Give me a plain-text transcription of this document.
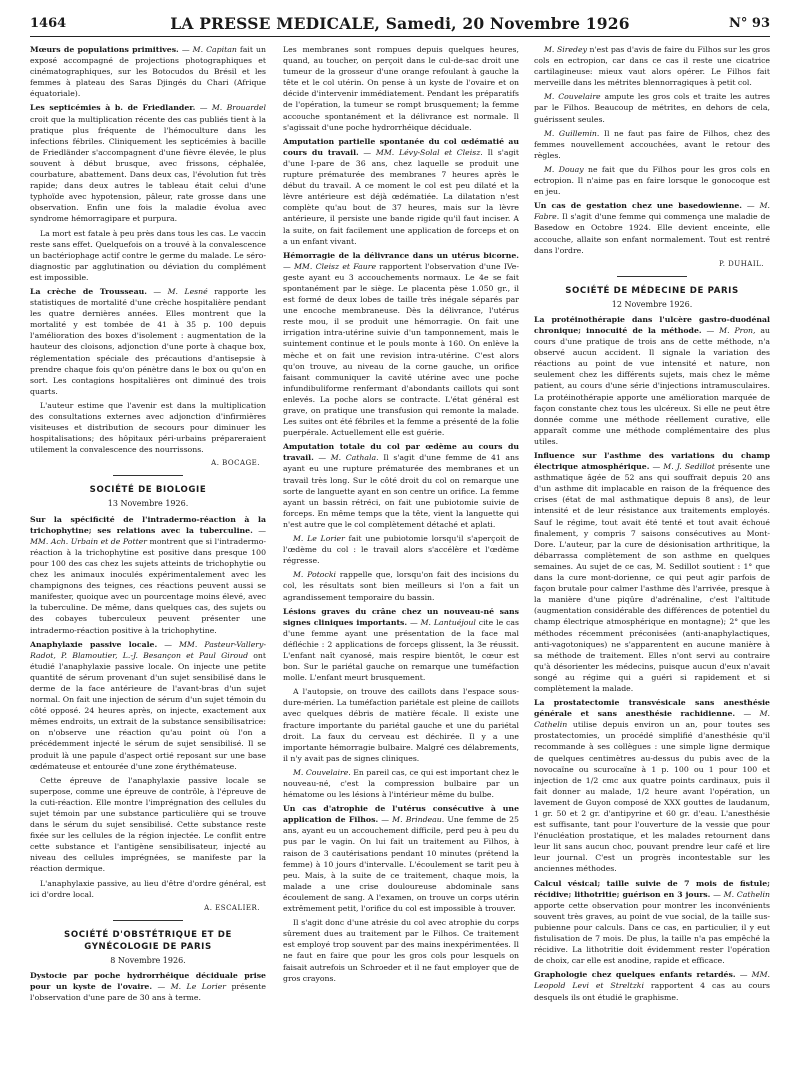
1464	LA PRESSE MEDICALE, Samedi, 20 Novembre 1926	N° 93

Mœurs de populations primitives. — M. Capitan fait un exposé accompagné de projections photographiques et cinématographiques, sur les Botocudos du Brésil et les femmes à plateau des Saras Djingés du Chari (Afrique équatoriale).

Les septicémies à b. de Friedlander. — M. Brouardel croit que la multiplication récente des cas publiés tient à la pratique plus fréquente de l'hémoculture dans les infections fébriles. Cliniquement les septicémies à bacille de Friedländer s'accompagnent d'une fièvre élevée, le plus souvent à début brusque, avec frissons, céphalée, courbature, abattement. Dans deux cas, l'évolution fut très rapide; dans deux autres le tableau était celui d'une typhoïde avec hypotension, pâleur, rate grosse dans une observation. Enfin une fois la maladie évolua avec syndrome hémorragipare et purpura.

La mort est fatale à peu près dans tous les cas. Le vaccin reste sans effet. Quelquefois on a trouvé à la convalescence un bactériophage actif contre le germe du malade. Le séro-diagnostic par agglutination ou déviation du complément est impossible.

La crèche de Trousseau. — M. Lesné rapporte les statistiques de mortalité d'une crèche hospitalière pendant les quatre dernières années. Elles montrent que la mortalité y est tombée de 41 à 35 p. 100 depuis l'amélioration des boxes d'isolement : augmentation de la hauteur des cloisons, adjonction d'une porte à chaque box, réglementation spéciale des précautions d'antisepsie à prendre chaque fois qu'on pénètre dans le box ou qu'on en sort. Les contagions hospitalières ont diminué des trois quarts.

L'auteur estime que l'avenir est dans la multiplication des consultations externes avec adjonction d'infirmières visiteuses et distribution de secours pour diminuer les hospitalisations; des hôpitaux péri-urbains prépareraient utilement la convalescence des nourrissons.

A. BOCAGE.
SOCIÉTÉ DE BIOLOGIE
13 Novembre 1926.

Sur la spécificité de l'intradermo-réaction à la trichophytine; ses relations avec la tuberculine. — MM. Ach. Urbain et de Potter montrent que si l'intradermo-réaction à la trichophytine est positive dans presque 100 pour 100 des cas chez les sujets atteints de trichophytie ou chez les animaux inoculés expérimentalement avec les champignons des teignes, ces réactions peuvent aussi se manifester, quoique avec un pourcentage moins élevé, avec la tuberculine. De même, dans quelques cas, des sujets ou des cobayes tuberculeux peuvent présenter une intradermo-réaction positive à la trichophytine.

Anaphylaxie passive locale. — MM. Pasteur-Vallery-Radot, P. Blamoutier, L.-J. Besançon et Paul Giroud ont étudié l'anaphylaxie passive locale. On injecte une petite quantité de sérum provenant d'un sujet sensibilisé dans le derme de la face antérieure de l'avant-bras d'un sujet normal. On fait une injection de sérum d'un sujet témoin du côté opposé. 24 heures après, on injecte, exactement aux mêmes endroits, un extrait de la substance sensibilisatrice: on n'observe une réaction qu'au point où l'on a précédemment injecté le sérum de sujet sensibilisé. Il se produit là une papule d'aspect ortié reposant sur une base œdémateuse et entourée d'une zone érythémateuse.

Cette épreuve de l'anaphylaxie passive locale se superpose, comme une épreuve de contrôle, à l'épreuve de la cuti-réaction. Elle montre l'imprégnation des cellules du sujet témoin par une substance particulière qui se trouve dans le sérum du sujet sensibilisé. Cette substance reste fixée sur les cellules de la région injectée. Le conflit entre cette substance et l'antigène sensibilisateur, injecté au niveau des cellules imprégnées, se manifeste par la réaction dermique.

L'anaphylaxie passive, au lieu d'être d'ordre général, est ici d'ordre local.

A. ESCALIER.
SOCIÉTÉ D'OBSTÉTRIQUE ET DE GYNÉCOLOGIE DE PARIS
8 Novembre 1926.

Dystocie par poche hydrorrhéique déciduale prise pour un kyste de l'ovaire. — M. Le Lorier présente l'observation d'une pare de 30 ans à terme.

Les membranes sont rompues depuis quelques heures, quand, au toucher, on perçoit dans le cul-de-sac droit une tumeur de la grosseur d'une orange refoulant à gauche la tête et le col utérin. On pense à un kyste de l'ovaire et on décide d'intervenir immédiatement. Pendant les préparatifs de l'opération, la tumeur se rompt brusquement; la femme accouche spontanément et la délivrance est normale. Il s'agissait d'une poche hydrorrhéique déciduale.

Amputation partielle spontanée du col œdématié au cours du travail. — MM. Lévy-Solal et Cleisz. Il s'agit d'une I-pare de 36 ans, chez laquelle se produit une rupture prématurée des membranes 7 heures après le début du travail. A ce moment le col est peu dilaté et la lèvre antérieure est déjà œdématiée. La dilatation n'est complète qu'au bout de 37 heures, mais sur la lèvre antérieure, il persiste une bande rigide qu'il faut inciser. A la suite, on fait facilement une application de forceps et on a un enfant vivant.

Hémorragie de la délivrance dans un utérus bicorne. — MM. Cleisz et Faure rapportent l'observation d'une IVe-geste ayant eu 3 accouchements normaux. Le 4e se fait spontanément par le siège. Le placenta pèse 1.050 gr., il est formé de deux lobes de taille très inégale séparés par une encoche membraneuse. Dès la délivrance, l'utérus reste mou, il se produit une hémorragie. On fait une irrigation intra-utérine suivie d'un tamponnement, mais le suintement continue et le pouls monte à 160. On enlève la mèche et on fait une revision intra-utérine. C'est alors qu'on trouve, au niveau de la corne gauche, un orifice faisant communiquer la cavité utérine avec une poche infundibuliforme renfermant d'abondants caillots qui sont enlevés. La poche alors se contracte. L'état général est grave, on pratique une transfusion qui remonte la malade. Les suites ont été fébriles et la femme a présenté de la folie puerpérale. Actuellement elle est guérie.

Amputation totale du col par œdème au cours du travail. — M. Cathala. Il s'agit d'une femme de 41 ans ayant eu une rupture prématurée des membranes et un travail très long. Sur le côté droit du col on remarque une sorte de languette ayant en son centre un orifice. La femme ayant un bassin rétréci, on fait une pubiotomie suivie de forceps. En même temps que la tête, vient la languette qui n'est autre que le col complètement détaché et aplati.

M. Le Lorier fait une pubiotomie lorsqu'il s'aperçoit de l'œdème du col : le travail alors s'accélère et l'œdème régresse.

M. Potocki rappelle que, lorsqu'on fait des incisions du col, les résultats sont bien meilleurs si l'on a fait un agrandissement temporaire du bassin.

Lésions graves du crâne chez un nouveau-né sans signes cliniques importants. — M. Lantuéjoul cite le cas d'une femme ayant une présentation de la face mal défléchie : 2 applications de forceps glissent, la 3e réussit. L'enfant naît cyanosé, mais respire bientôt, le cœur est bon. Sur le pariétal gauche on remarque une tuméfaction molle. L'enfant meurt brusquement.

A l'autopsie, on trouve des caillots dans l'espace sous-dure-mérien. La tuméfaction pariétale est pleine de caillots avec quelques débris de matière fécale. Il existe une fracture importante du pariétal gauche et une du pariétal droit. La faux du cerveau est déchirée. Il y a une importante hémorragie bulbaire. Malgré ces délabrements, il n'y avait pas de signes cliniques.

M. Couvelaire. En pareil cas, ce qui est important chez le nouveau-né, c'est la compression bulbaire par un hématome ou les lésions à l'intérieur même du bulbe.

Un cas d'atrophie de l'utérus consécutive à une application de Filhos. — M. Brindeau. Une femme de 25 ans, ayant eu un accouchement difficile, perd peu à peu du pus par le vagin. On lui fait un traitement au Filhos, à raison de 3 cautérisations pendant 10 minutes (prétend la femme) à 10 jours d'intervalle. L'écoulement se tarit peu à peu. Mais, à la suite de ce traitement, chaque mois, la malade a une crise douloureuse abdominale sans écoulement de sang. A l'examen, on trouve un corps utérin extrêmement petit, l'orifice du col est impossible à trouver.

Il s'agit donc d'une atrésie du col avec atrophie du corps sûrement dues au traitement par le Filhos. Ce traitement est employé trop souvent par des mains inexpérimentées. Il ne faut en faire que pour les gros cols pour lesquels on faisait autrefois un Schroeder et il ne faut employer que de gros crayons.

M. Siredey n'est pas d'avis de faire du Filhos sur les gros cols en ectropion, car dans ce cas il reste une cicatrice cartilagineuse: mieux vaut alors opérer. Le Filhos fait merveille dans les métrites blennorragiques à petit col.

M. Couvelaire ampute les gros cols et traite les autres par le Filhos. Beaucoup de métrites, en dehors de cela, guérissent seules.

M. Guillemin. Il ne faut pas faire de Filhos, chez des femmes nouvellement accouchées, avant le retour des règles.

M. Douay ne fait que du Filhos pour les gros cols en ectropion. Il n'aime pas en faire lorsque le gonocoque est en jeu.

Un cas de gestation chez une basedowienne. — M. Fabre. Il s'agit d'une femme qui commença une maladie de Basedow en Octobre 1924. Elle devient enceinte, elle accouche, allaite son enfant normalement. Tout est rentré dans l'ordre.

P. DUHAIL.
SOCIÉTÉ DE MÉDECINE DE PARIS
12 Novembre 1926.

La protéinothérapie dans l'ulcère gastro-duodénal chronique; innocuité de la méthode. — M. Pron, au cours d'une pratique de trois ans de cette méthode, n'a observé aucun accident. Il signale la variation des réactions au point de vue intensité et nature, non seulement chez les différents sujets, mais chez le même patient, au cours d'une série d'injections intramusculaires. La protéinothérapie apporte une amélioration marquée de façon constante chez tous les ulcéreux. Si elle ne peut être donnée comme une méthode réellement curative, elle apparaît comme une méthode complémentaire des plus utiles.

Influence sur l'asthme des variations du champ électrique atmosphérique. — M. J. Sedillot présente une asthmatique âgée de 52 ans qui souffrait depuis 20 ans d'un asthme dit implacable en raison de la fréquence des crises (état de mal asthmatique depuis 8 ans), de leur intensité et de leur résistance aux traitements employés. Sauf le régime, tout avait été tenté et tout avait échoué finalement, y compris 7 saisons consécutives au Mont-Dore. L'auteur, par la cure de désionisation arthritique, la débarrassa complètement de son asthme en quelques semaines. Au sujet de ce cas, M. Sedillot soutient : 1° que dans la cure mont-dorienne, ce qui peut agir parfois de façon brutale pour calmer l'asthme dès l'arrivée, presque à la manière d'une piqûre d'adrénaline, c'est l'altitude (augmentation considérable des différences de potentiel du champ électrique atmosphérique en montagne); 2° que les méthodes récemment préconisées (anti-anaphylactiques, anti-vagotoniques) ne s'apparentent en aucune manière à sa méthode de traitement. Elles n'ont servi au contraire qu'à désorienter les médecins, puisque aucun d'eux n'avait songé au régime qui a guéri si rapidement et si complètement la malade.

La prostatectomie transvésicale sans anesthésie générale et sans anesthésie rachidienne. — M. Cathelin utilise depuis environ un an, pour toutes ses prostatectomies, un procédé simplifié d'anesthésie qu'il recommande à ses collègues : une simple ligne dermique de quelques centimètres au-dessus du pubis avec de la novocaïne ou scurocaïne à 1 p. 100 ou 1 pour 100 et injection de 1/2 cmc aux quatre points cardinaux, puis il fait donner au malade, 1/2 heure avant l'opération, un lavement de Guyon composé de XXX gouttes de laudanum, 1 gr. 50 et 2 gr. d'antipyrine et 60 gr. d'eau. L'anesthésie est suffisante, tant pour l'ouverture de la vessie que pour l'énucléation prostatique, et les malades retournent dans leur lit sans aucun choc, pouvant prendre leur café et lire leur journal. C'est un progrès incontestable sur les anciennes méthodes.

Calcul vésical; taille suivie de 7 mois de fistule; récidive; lithotritie; guérison en 3 jours. — M. Cathelin apporte cette observation pour montrer les inconvénients souvent très graves, au point de vue social, de la taille sus-pubienne pour calculs. Dans ce cas, en particulier, il y eut fistulisation de 7 mois. De plus, la taille n'a pas empêché la récidive. La lithotritie doit évidemment rester l'opération de choix, car elle est anodine, rapide et efficace.

Graphologie chez quelques enfants retardés. — MM. Leopold Levi et Streltzki rapportent 4 cas au cours desquels ils ont étudié le graphisme.
